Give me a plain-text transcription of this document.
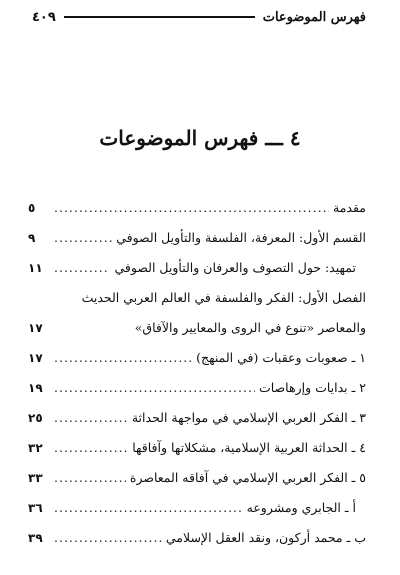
فهرس الموضوعات
٤٠٩
٤ ـــ فهرس الموضوعات
مقدمة
.....
٥
القسم الأول: المعرفة، الفلسفة والتأويل الصوفي
.....
٩
تمهيد: حول التصوف والعرفان والتأويل الصوفي
.....
١١
الفصل الأول: الفكر والفلسفة في العالم العربي الحديث
والمعاصر «تنوع في الروى والمعايير والآفاق»
١٧
١ ـ صعوبات وعقبات (في المنهج)
.....
١٧
٢ ـ بدايات وإرهاصات
.....
١٩
٣ ـ الفكر العربي الإسلامي في مواجهة الحداثة
.....
٢٥
٤ ـ الحداثة العربية الإسلامية، مشكلاتها وآفاقها
.....
٣٢
٥ ـ الفكر العربي الإسلامي في آفاقه المعاصرة
.....
٣٣
أ ـ الجابري ومشروعه
.....
٣٦
ب ـ محمد أركون، ونقد العقل الإسلامي
.....
٣٩
